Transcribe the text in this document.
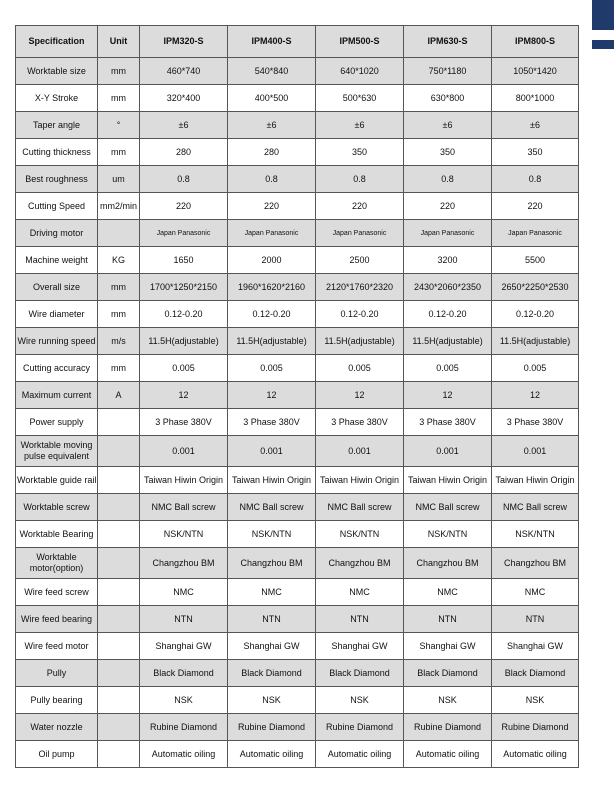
Specification	Unit	IPM320-S	IPM400-S	IPM500-S	IPM630-S	IPM800-S
Worktable size	mm	460*740	540*840	640*1020	750*1180	1050*1420
X-Y Stroke	mm	320*400	400*500	500*630	630*800	800*1000
Taper angle	°	±6	±6	±6	±6	±6
Cutting thickness	mm	280	280	350	350	350
Best roughness	um	0.8	0.8	0.8	0.8	0.8
Cutting Speed	mm2/min	220	220	220	220	220
Driving motor		Japan Panasonic	Japan Panasonic	Japan Panasonic	Japan Panasonic	Japan Panasonic
Machine weight	KG	1650	2000	2500	3200	5500
Overall size	mm	1700*1250*2150	1960*1620*2160	2120*1760*2320	2430*2060*2350	2650*2250*2530
Wire diameter	mm	0.12-0.20	0.12-0.20	0.12-0.20	0.12-0.20	0.12-0.20
Wire running speed	m/s	11.5H(adjustable)	11.5H(adjustable)	11.5H(adjustable)	11.5H(adjustable)	11.5H(adjustable)
Cutting accuracy	mm	0.005	0.005	0.005	0.005	0.005
Maximum current	A	12	12	12	12	12
Power supply		3 Phase 380V	3 Phase 380V	3 Phase 380V	3 Phase 380V	3 Phase 380V
Worktable moving pulse equivalent		0.001	0.001	0.001	0.001	0.001
Worktable guide rail		Taiwan Hiwin Origin	Taiwan Hiwin Origin	Taiwan Hiwin Origin	Taiwan Hiwin Origin	Taiwan Hiwin Origin
Worktable screw		NMC Ball screw	NMC Ball screw	NMC Ball screw	NMC Ball screw	NMC Ball screw
Worktable Bearing		NSK/NTN	NSK/NTN	NSK/NTN	NSK/NTN	NSK/NTN
Worktable motor(option)		Changzhou BM	Changzhou BM	Changzhou BM	Changzhou BM	Changzhou BM
Wire feed screw		NMC	NMC	NMC	NMC	NMC
Wire feed bearing		NTN	NTN	NTN	NTN	NTN
Wire feed motor		Shanghai GW	Shanghai GW	Shanghai GW	Shanghai GW	Shanghai GW
Pully		Black Diamond	Black Diamond	Black Diamond	Black Diamond	Black Diamond
Pully bearing		NSK	NSK	NSK	NSK	NSK
Water nozzle		Rubine Diamond	Rubine Diamond	Rubine Diamond	Rubine Diamond	Rubine Diamond
Oil pump		Automatic oiling	Automatic oiling	Automatic oiling	Automatic oiling	Automatic oiling
